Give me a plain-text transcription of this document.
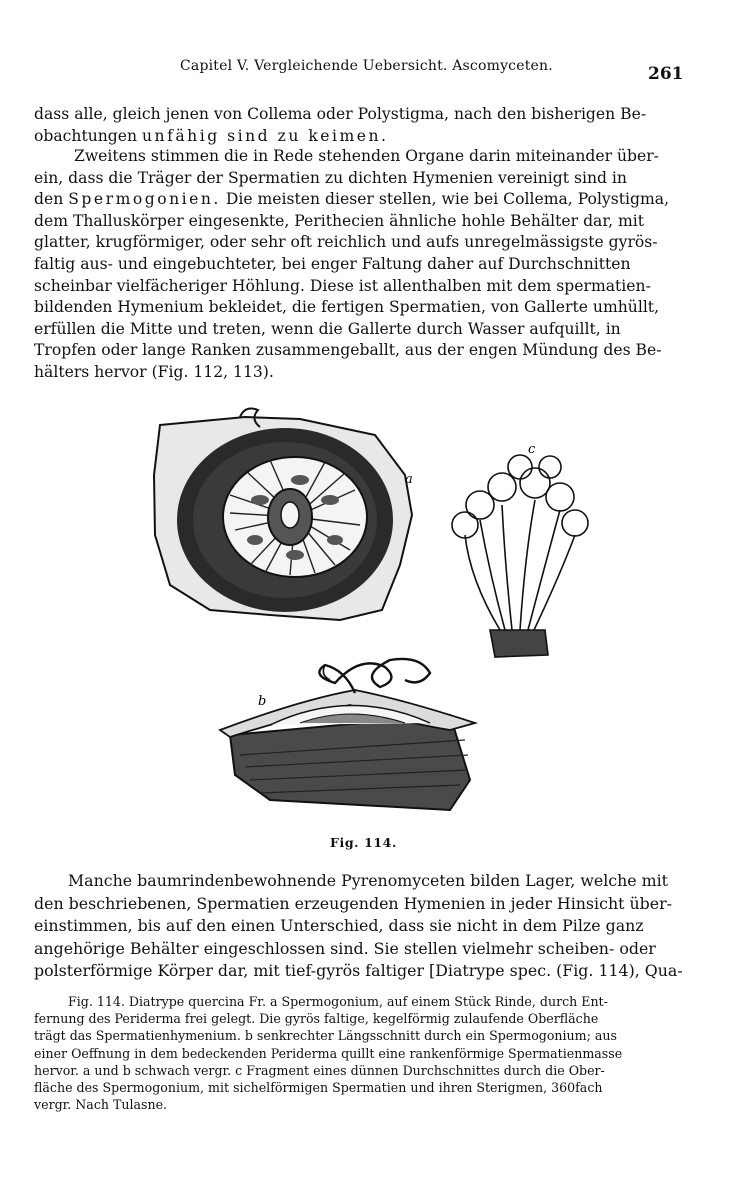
Capitel V. Vergleichende Uebersicht. Ascomyceten.	261

dass alle, gleich jenen von Collema oder Polystigma, nach den bisherigen Be-
obachtungen unfähig sind zu keimen.

Zweitens stimmen die in Rede stehenden Organe darin miteinander über-
ein, dass die Träger der Spermatien zu dichten Hymenien vereinigt sind in
den Spermogonien. Die meisten dieser stellen, wie bei Collema, Polystigma,
dem Thalluskörper eingesenkte, Perithecien ähnliche hohle Behälter dar, mit
glatter, krugförmiger, oder sehr oft reichlich und aufs unregelmässigste gyrös-
faltig aus- und eingebuchteter, bei enger Faltung daher auf Durchschnitten
scheinbar vielfächeriger Höhlung. Diese ist allenthalben mit dem spermatien-
bildenden Hymenium bekleidet, die fertigen Spermatien, von Gallerte umhüllt,
erfüllen die Mitte und treten, wenn die Gallerte durch Wasser aufquillt, in
Tropfen oder lange Ranken zusammengeballt, aus der engen Mündung des Be-
hälters hervor (Fig. 112, 113).

a
c
b
Fig. 114.

Manche baumrindenbewohnende Pyrenomyceten bilden Lager, welche mit
den beschriebenen, Spermatien erzeugenden Hymenien in jeder Hinsicht über-
einstimmen, bis auf den einen Unterschied, dass sie nicht in dem Pilze ganz
angehörige Behälter eingeschlossen sind. Sie stellen vielmehr scheiben- oder
polsterförmige Körper dar, mit tief-gyrös faltiger [Diatrype spec. (Fig. 114), Qua-

Fig. 114. Diatrype quercina Fr. a Spermogonium, auf einem Stück Rinde, durch Ent-
fernung des Periderma frei gelegt. Die gyrös faltige, kegelförmig zulaufende Oberfläche
trägt das Spermatienhymenium. b senkrechter Längsschnitt durch ein Spermogonium; aus
einer Oeffnung in dem bedeckenden Periderma quillt eine rankenförmige Spermatienmasse
hervor. a und b schwach vergr. c Fragment eines dünnen Durchschnittes durch die Ober-
fläche des Spermogonium, mit sichelförmigen Spermatien und ihren Sterigmen, 360fach
vergr. Nach Tulasne.
